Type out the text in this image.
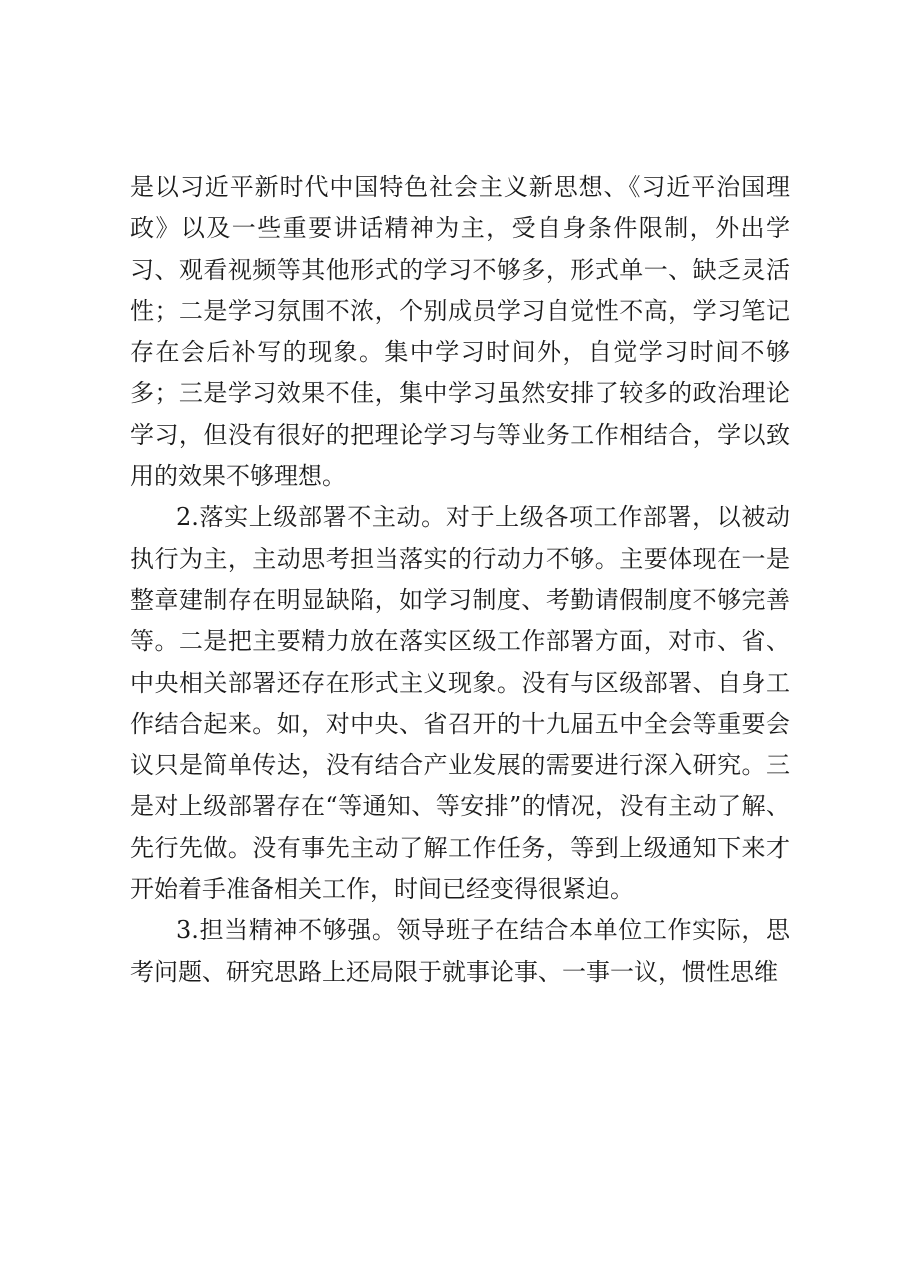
是以习近平新时代中国特色社会主义新思想、《习近平治国理政》以及一些重要讲话精神为主，受自身条件限制，外出学习、观看视频等其他形式的学习不够多，形式单一、缺乏灵活性；二是学习氛围不浓，个别成员学习自觉性不高，学习笔记存在会后补写的现象。集中学习时间外，自觉学习时间不够多；三是学习效果不佳，集中学习虽然安排了较多的政治理论学习，但没有很好的把理论学习与等业务工作相结合，学以致用的效果不够理想。

2.落实上级部署不主动。对于上级各项工作部署，以被动执行为主，主动思考担当落实的行动力不够。主要体现在一是整章建制存在明显缺陷，如学习制度、考勤请假制度不够完善等。二是把主要精力放在落实区级工作部署方面，对市、省、中央相关部署还存在形式主义现象。没有与区级部署、自身工作结合起来。如，对中央、省召开的十九届五中全会等重要会议只是简单传达，没有结合产业发展的需要进行深入研究。三是对上级部署存在“等通知、等安排”的情况，没有主动了解、先行先做。没有事先主动了解工作任务，等到上级通知下来才开始着手准备相关工作，时间已经变得很紧迫。

3.担当精神不够强。领导班子在结合本单位工作实际，思考问题、研究思路上还局限于就事论事、一事一议，惯性思维
